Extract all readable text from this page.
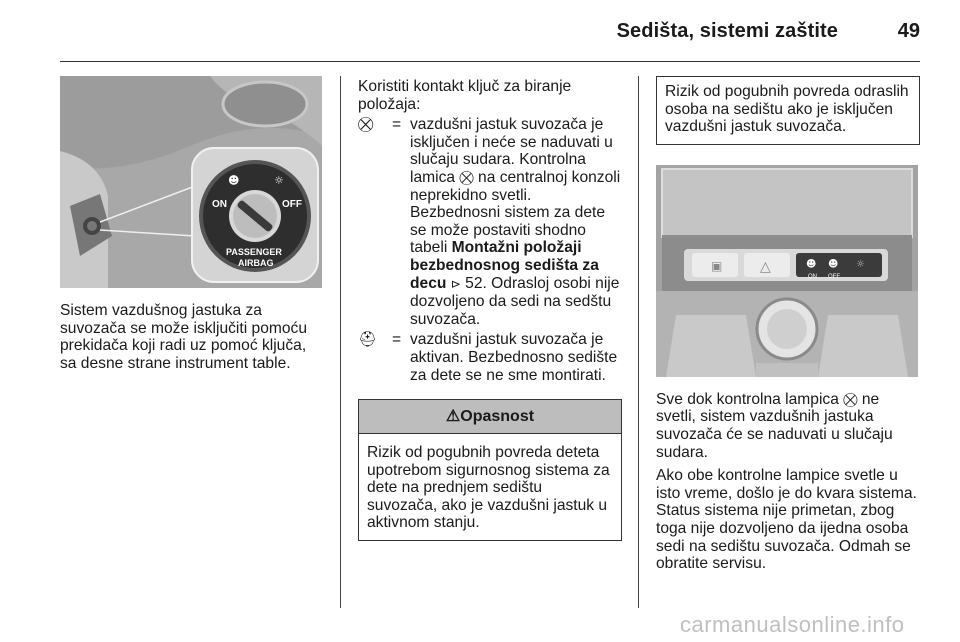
Sedišta, sistemi zaštite	49
☻	☼
ON	OFF
PASSENGER
AIRBAG

Sistem vazdušnog jastuka za suvozača se može isključiti pomoću prekidača koji radi uz pomoć ključa, sa desne strane instrument table.

Koristiti kontakt ključ za biranje položaja:

⛒	= vazdušni jastuk suvozača je isključen i neće se naduvati u slučaju sudara. Kontrolna lamica ⛒ na centralnoj konzoli neprekidno svetli. Bezbednosni sistem za dete se može postaviti shodno tabeli Montažni položaji bezbednosnog sedišta za decu ⊳ 52. Odrasloj osobi nije dozvoljeno da sedi na sedštu suvozača.
⛑ = vazdušni jastuk suvozača je aktivan. Bezbednosno sedište za dete se ne sme montirati.
⚠Opasnost
Rizik od pogubnih povreda deteta upotrebom sigurnosnog sistema za dete na prednjem sedištu suvozača, ako je vazdušni jastuk u aktivnom stanju.
Rizik od pogubnih povreda odraslih osoba na sedištu ako je isključen vazdušni jastuk suvozača.
▣	△	☻ ☻ ☼
ON OFF

Sve dok kontrolna lampica ⛒ ne svetli, sistem vazdušnih jastuka suvozača će se naduvati u slučaju sudara.

Ako obe kontrolne lampice svetle u isto vreme, došlo je do kvara sistema. Status sistema nije primetan, zbog toga nije dozvoljeno da ijedna osoba sedi na sedištu suvozača. Odmah se obratite servisu.

carmanualsonline.info
